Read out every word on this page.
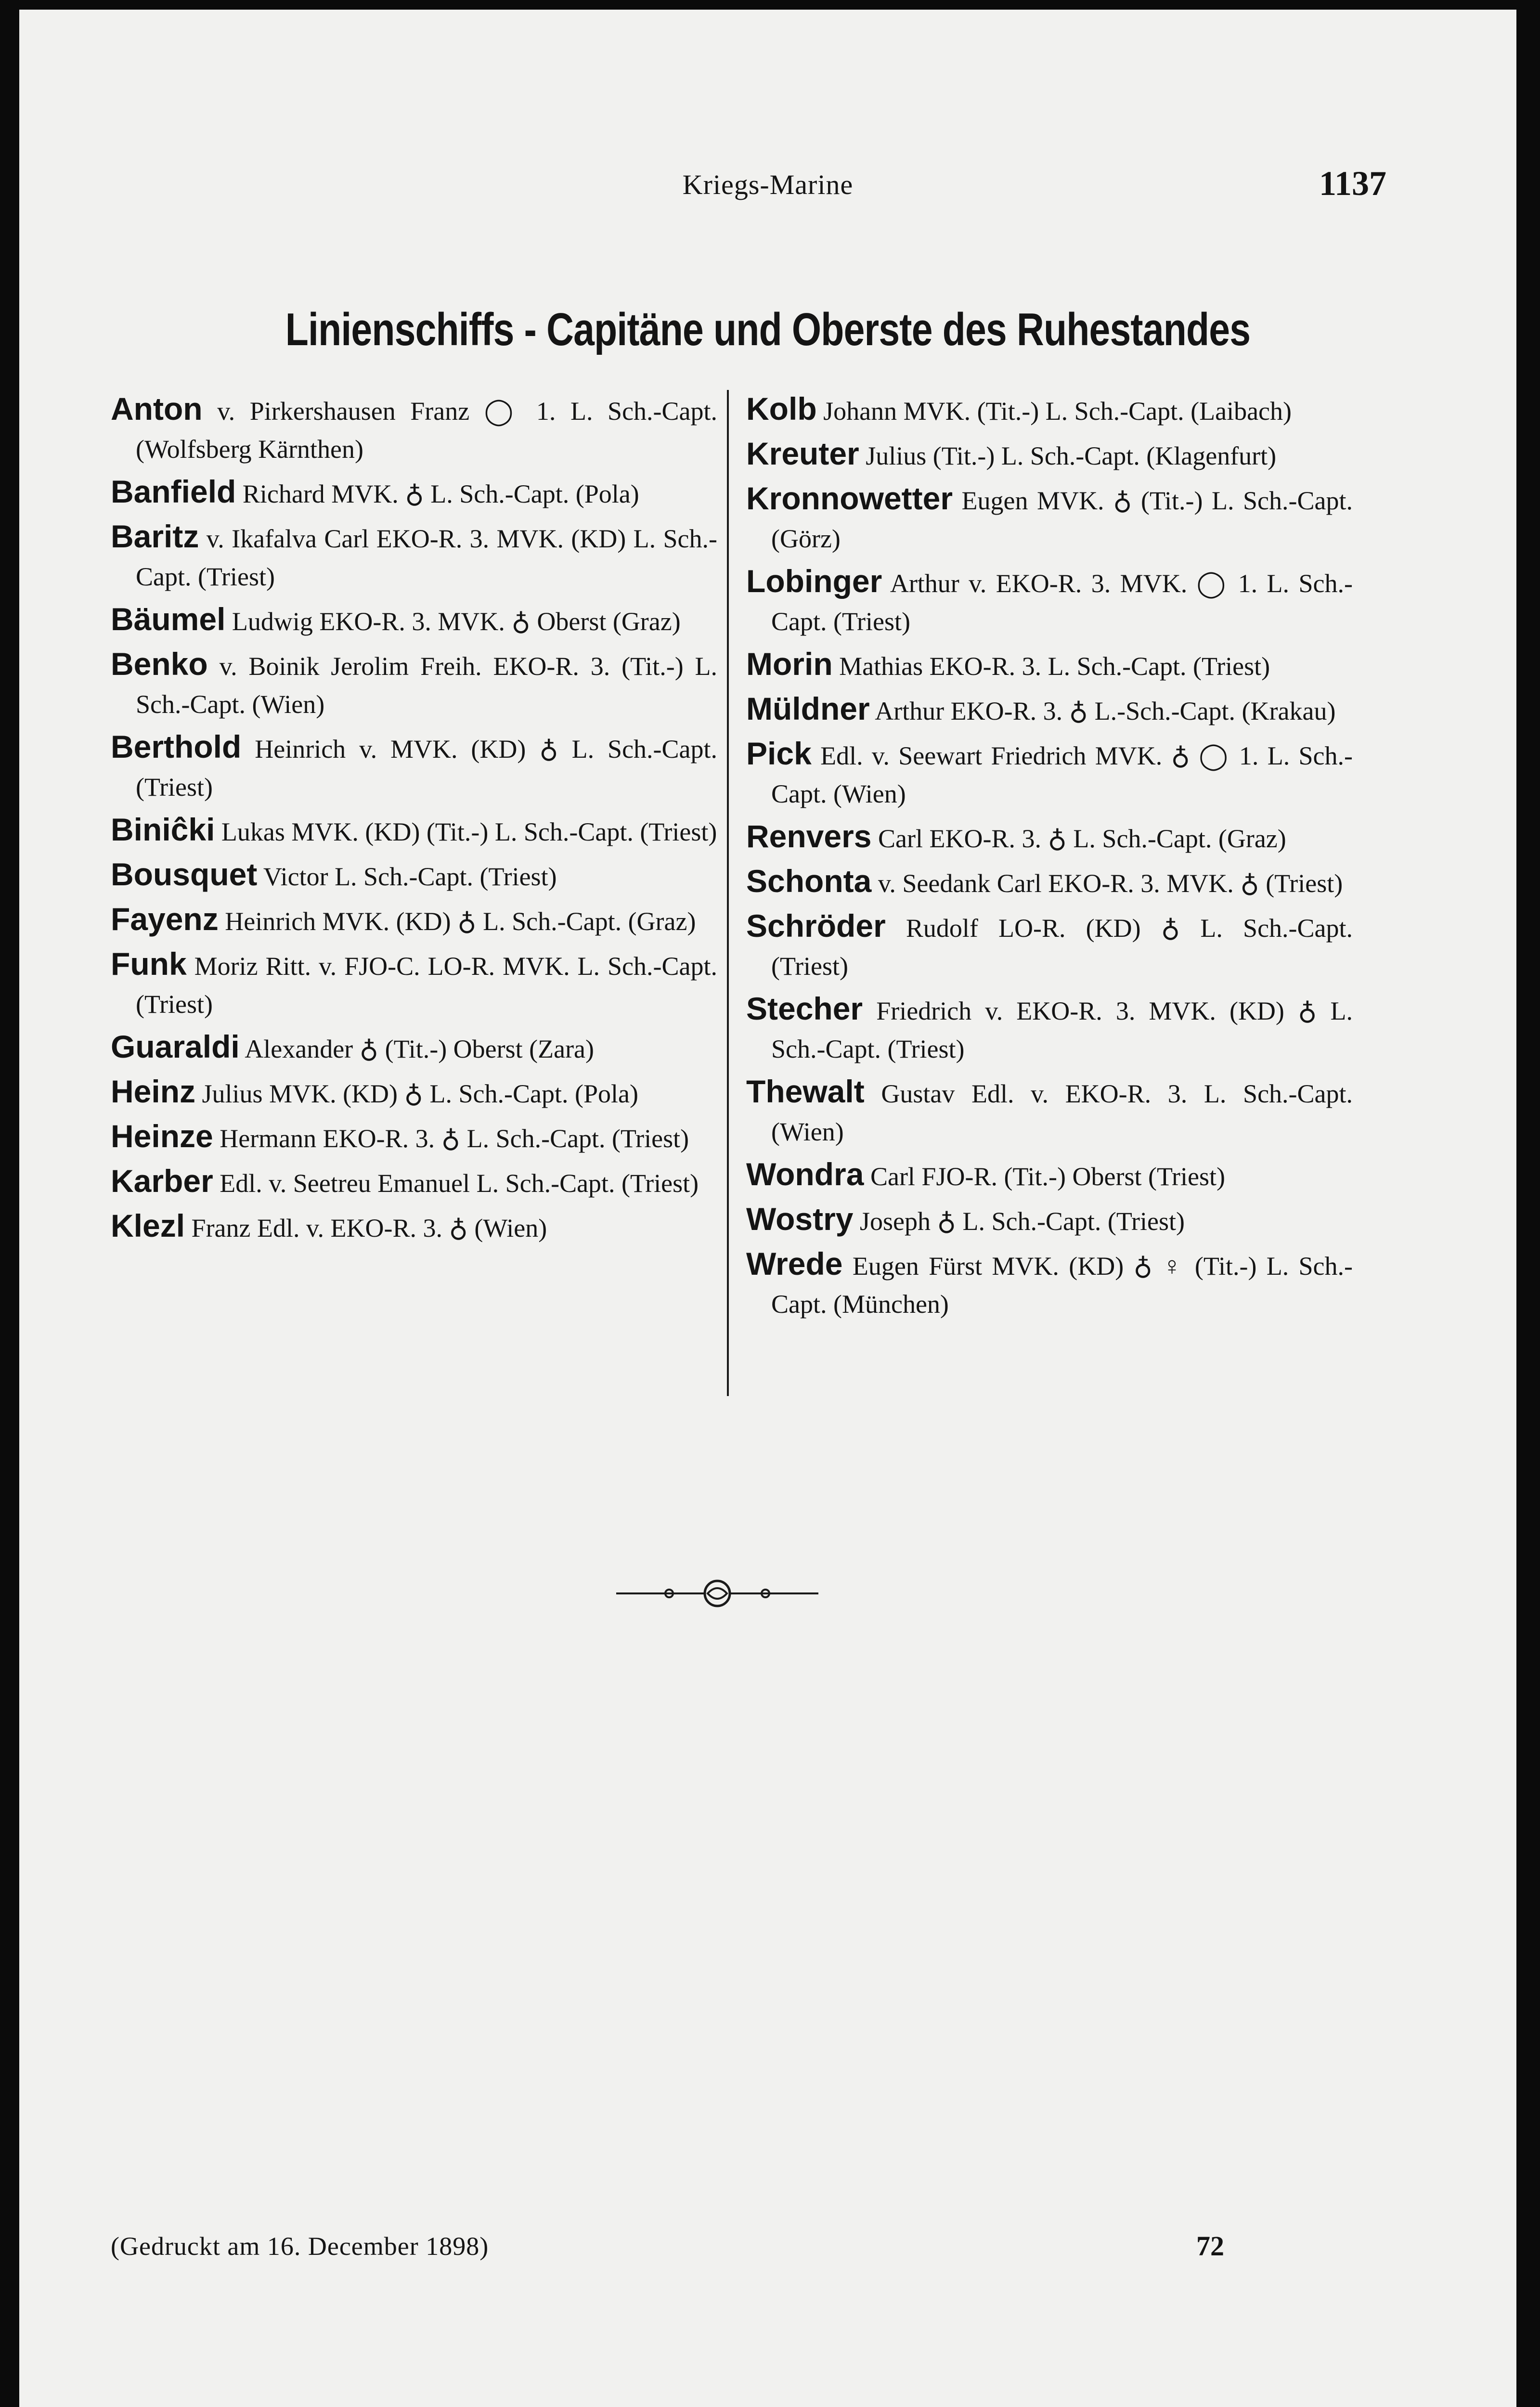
Kriegs-Marine	1137
Linienschiffs - Capitäne und Oberste des Ruhestandes

Anton v. Pirkershausen Franz ◯ 1. L. Sch.-Capt. (Wolfsberg Kärnthen)

Banfield Richard MVK. ♁ L. Sch.-Capt. (Pola)

Baritz v. Ikafalva Carl EKO-R. 3. MVK. (KD) L. Sch.-Capt. (Triest)

Bäumel Ludwig EKO-R. 3. MVK. ♁ Oberst (Graz)

Benko v. Boinik Jerolim Freih. EKO-R. 3. (Tit.-) L. Sch.-Capt. (Wien)

Berthold Heinrich v. MVK. (KD) ♁ L. Sch.-Capt. (Triest)

Biniĉki Lukas MVK. (KD) (Tit.-) L. Sch.-Capt. (Triest)

Bousquet Victor L. Sch.-Capt. (Triest)

Fayenz Heinrich MVK. (KD) ♁ L. Sch.-Capt. (Graz)

Funk Moriz Ritt. v. FJO-C. LO-R. MVK. L. Sch.-Capt. (Triest)

Guaraldi Alexander ♁ (Tit.-) Oberst (Zara)

Heinz Julius MVK. (KD) ♁ L. Sch.-Capt. (Pola)

Heinze Hermann EKO-R. 3. ♁ L. Sch.-Capt. (Triest)

Karber Edl. v. Seetreu Emanuel L. Sch.-Capt. (Triest)

Klezl Franz Edl. v. EKO-R. 3. ♁ (Wien)

Kolb Johann MVK. (Tit.-) L. Sch.-Capt. (Laibach)

Kreuter Julius (Tit.-) L. Sch.-Capt. (Klagenfurt)

Kronnowetter Eugen MVK. ♁ (Tit.-) L. Sch.-Capt. (Görz)

Lobinger Arthur v. EKO-R. 3. MVK. ◯ 1. L. Sch.-Capt. (Triest)

Morin Mathias EKO-R. 3. L. Sch.-Capt. (Triest)

Müldner Arthur EKO-R. 3. ♁ L.-Sch.-Capt. (Krakau)

Pick Edl. v. Seewart Friedrich MVK. ♁ ◯ 1. L. Sch.-Capt. (Wien)

Renvers Carl EKO-R. 3. ♁ L. Sch.-Capt. (Graz)

Schonta v. Seedank Carl EKO-R. 3. MVK. ♁ (Triest)

Schröder Rudolf LO-R. (KD) ♁ L. Sch.-Capt. (Triest)

Stecher Friedrich v. EKO-R. 3. MVK. (KD) ♁ L. Sch.-Capt. (Triest)

Thewalt Gustav Edl. v. EKO-R. 3. L. Sch.-Capt. (Wien)

Wondra Carl FJO-R. (Tit.-) Oberst (Triest)

Wostry Joseph ♁ L. Sch.-Capt. (Triest)

Wrede Eugen Fürst MVK. (KD) ♁ ♀ (Tit.-) L. Sch.-Capt. (München)

(Gedruckt am 16. December 1898)	72
